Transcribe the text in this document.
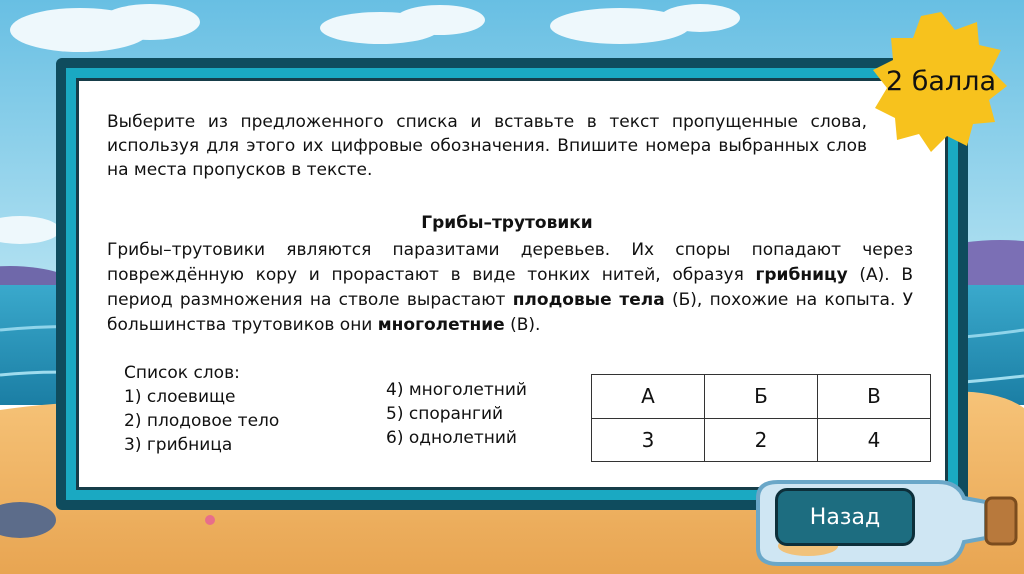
Выберите из предложенного списка и вставьте в текст пропущенные слова, используя для этого их цифровые обозначения. Впишите номера выбранных слов на места пропусков в тексте.
Грибы–трутовики
Грибы–трутовики являются паразитами деревьев. Их споры попадают через повреждённую кору и прорастают в виде тонких нитей, образуя грибницу (А). В период размножения на стволе вырастают плодовые тела (Б), похожие на копыта. У большинства трутовиков они многолетние (В).
Список слов:
1) слоевище
2) плодовое тело
3) грибница
4) многолетний
5) спорангий
6) однолетний
А	Б	В
3	2	4
2 балла
Назад
